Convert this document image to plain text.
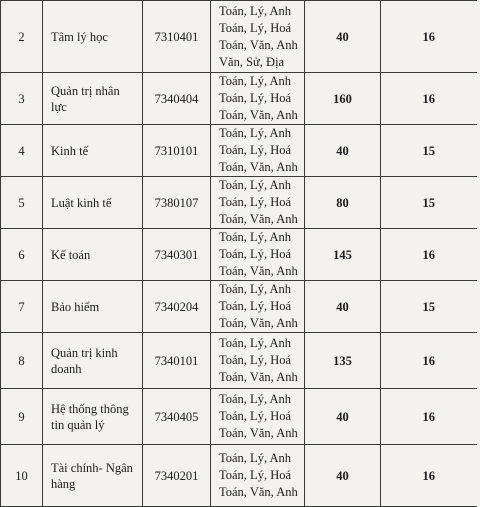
2	Tâm lý học	7310401	Toán, Lý, Anh
Toán, Lý, Hoá
Toán, Văn, Anh
Văn, Sử, Địa	40	16
3	Quản trị nhân lực	7340404	Toán, Lý, Anh
Toán, Lý, Hoá
Toán, Văn, Anh	160	16
4	Kinh tế	7310101	Toán, Lý, Anh
Toán, Lý, Hoá
Toán, Văn, Anh	40	15
5	Luật kinh tế	7380107	Toán, Lý, Anh
Toán, Lý, Hoá
Toán, Văn, Anh	80	15
6	Kế toán	7340301	Toán, Lý, Anh
Toán, Lý, Hoá
Toán, Văn, Anh	145	16
7	Bảo hiểm	7340204	Toán, Lý, Anh
Toán, Lý, Hoá
Toán, Văn, Anh	40	15
8	Quản trị kinh doanh	7340101	Toán, Lý, Anh
Toán, Lý, Hoá
Toán, Văn, Anh	135	16
9	Hệ thống thông tin quản lý	7340405	Toán, Lý, Anh
Toán, Lý, Hoá
Toán, Văn, Anh	40	16
10	Tài chính- Ngân hàng	7340201	Toán, Lý, Anh
Toán, Lý, Hoá
Toán, Văn, Anh	40	16
